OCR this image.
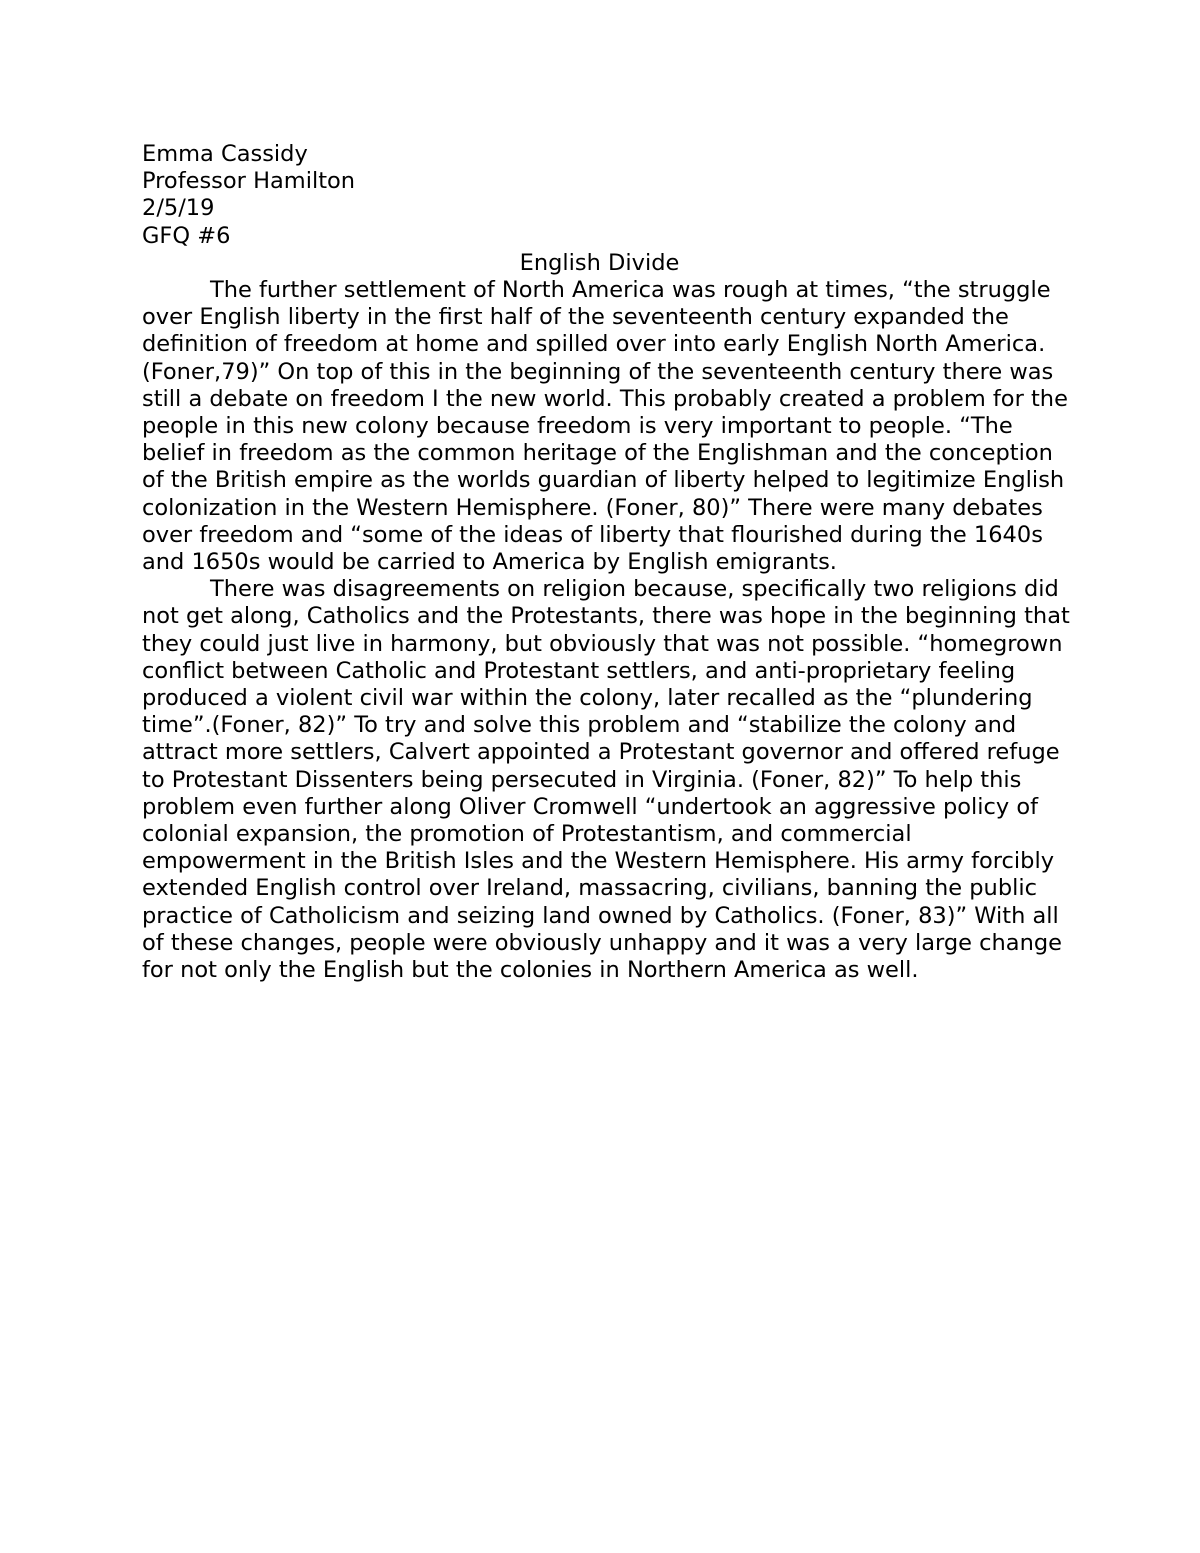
Emma Cassidy
Professor Hamilton
2/5/19
GFQ #6
English Divide

The further settlement of North America was rough at times, “the struggle over English liberty in the first half of the seventeenth century expanded the definition of freedom at home and spilled over into early English North America. (Foner,79)” On top of this in the beginning of the seventeenth century there was still a debate on freedom I the new world. This probably created a problem for the people in this new colony because freedom is very important to people. “The belief in freedom as the common heritage of the Englishman and the conception of the British empire as the worlds guardian of liberty helped to legitimize English colonization in the Western Hemisphere. (Foner, 80)” There were many debates over freedom and “some of the ideas of liberty that flourished during the 1640s and 1650s would be carried to America by English emigrants.

There was disagreements on religion because, specifically two religions did not get along, Catholics and the Protestants, there was hope in the beginning that they could just live in harmony, but obviously that was not possible. “homegrown conflict between Catholic and Protestant settlers, and anti-proprietary feeling produced a violent civil war within the colony, later recalled as the “plundering time”.(Foner, 82)” To try and solve this problem and “stabilize the colony and attract more settlers, Calvert appointed a Protestant governor and offered refuge to Protestant Dissenters being persecuted in Virginia. (Foner, 82)” To help this problem even further along Oliver Cromwell “undertook an aggressive policy of colonial expansion, the promotion of Protestantism, and commercial empowerment in the British Isles and the Western Hemisphere. His army forcibly extended English control over Ireland, massacring, civilians, banning the public practice of Catholicism and seizing land owned by Catholics. (Foner, 83)” With all of these changes, people were obviously unhappy and it was a very large change for not only the English but the colonies in Northern America as well.
